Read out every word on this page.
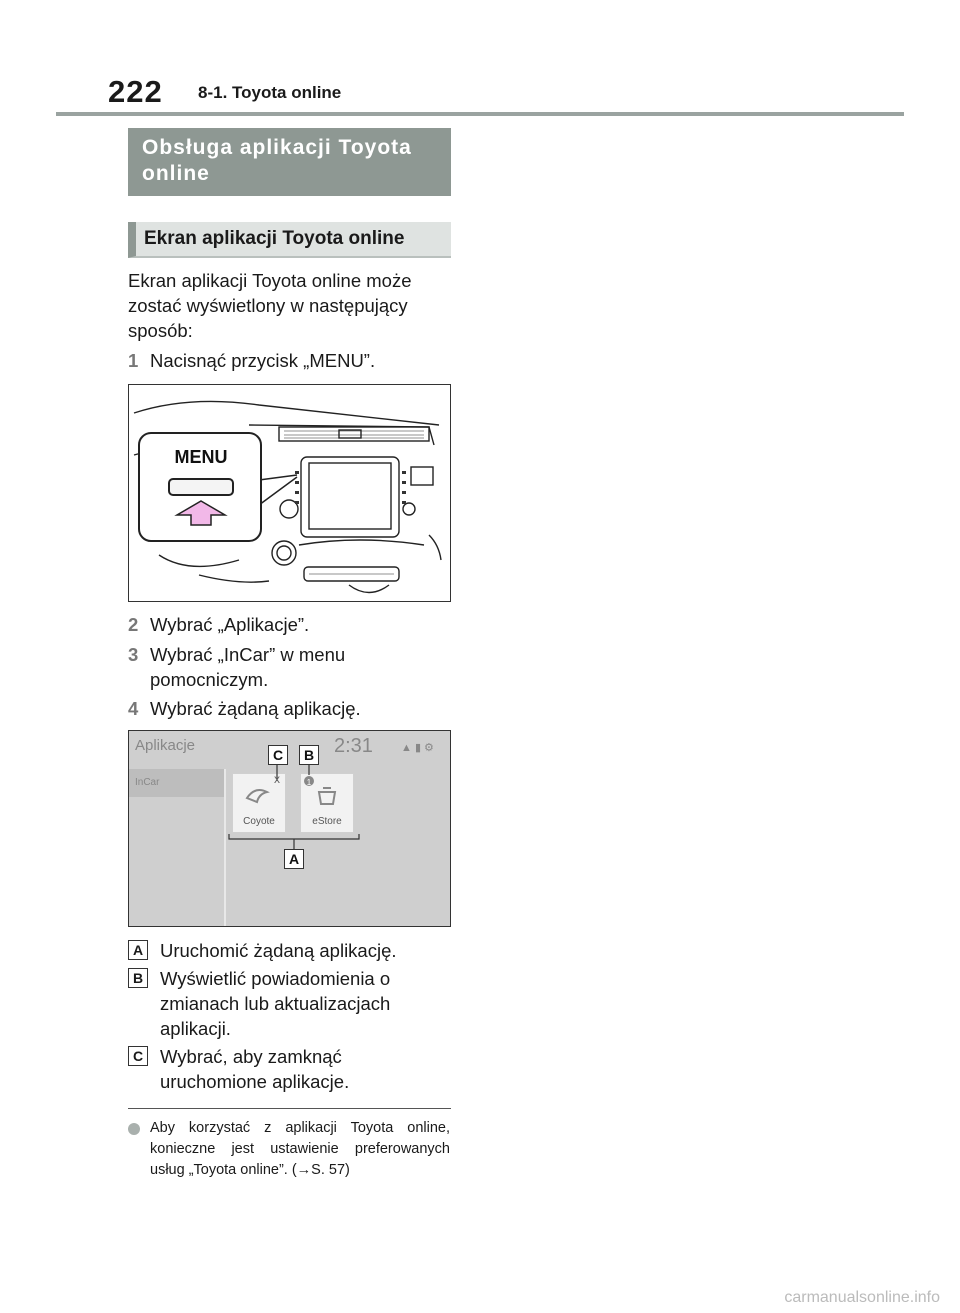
222 8-1. Toyota online
Obsługa aplikacji Toyota online
Ekran aplikacji Toyota online
Ekran aplikacji Toyota online może zostać wyświetlony w następujący sposób:
1 Nacisnąć przycisk „MENU”.
MENU
2 Wybrać „Aplikacje”.
3 Wybrać „InCar” w menu pomocniczym.
4 Wybrać żądaną aplikację.
Aplikacje	2:31	▲ ▮ ⚙
InCar
Coyote	eStore
x	1
C	B
A
A Uruchomić żądaną aplikację.
B Wyświetlić powiadomienia o zmianach lub aktualizacjach aplikacji.
C Wybrać, aby zamknąć uruchomione aplikacje.
Aby korzystać z aplikacji Toyota online, konieczne jest ustawienie preferowanych usług „Toyota online”. (→S. 57)
carmanualsonline.info
